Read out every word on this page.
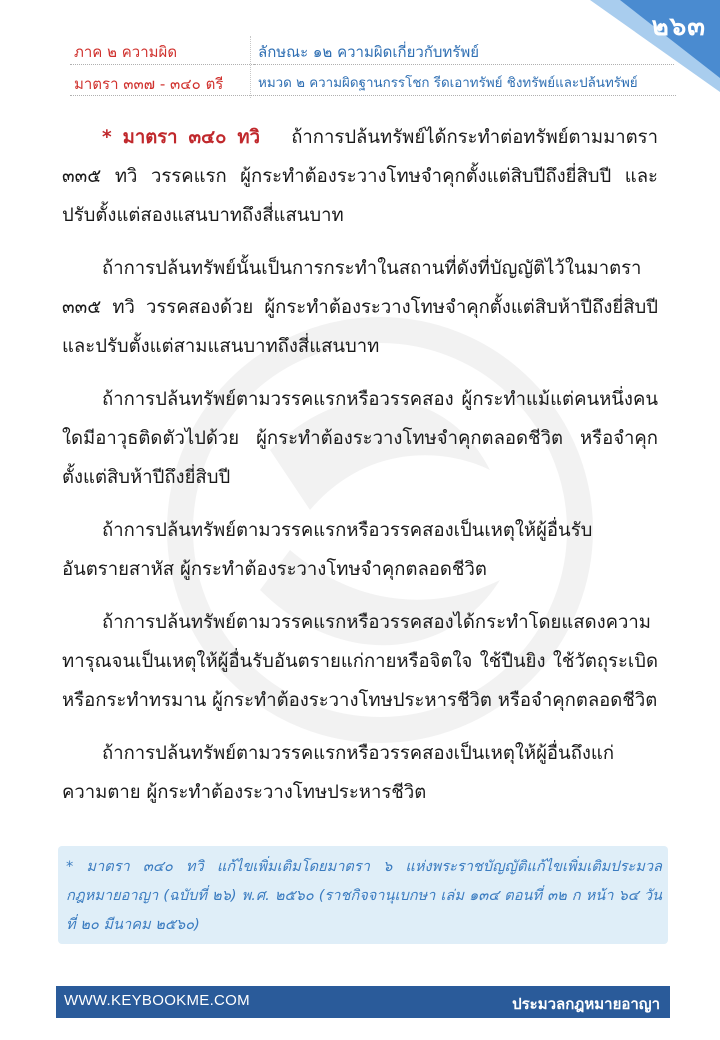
๒๖๓
ภาค ๒ ความผิด	ลักษณะ ๑๒ ความผิดเกี่ยวกับทรัพย์
มาตรา ๓๓๗ - ๓๔๐ ตรี	หมวด ๒ ความผิดฐานกรรโชก รีดเอาทรัพย์ ชิงทรัพย์และปล้นทรัพย์

* มาตรา ๓๔๐ ทวิ ถ้าการปล้นทรัพย์ได้กระทำต่อทรัพย์ตามมาตรา ๓๓๕ ทวิ วรรคแรก ผู้กระทำต้องระวางโทษจำคุกตั้งแต่สิบปีถึงยี่สิบปี และปรับตั้งแต่สองแสนบาทถึงสี่แสนบาท

ถ้าการปล้นทรัพย์นั้นเป็นการกระทำในสถานที่ดังที่บัญญัติไว้ในมาตรา ๓๓๕ ทวิ วรรคสองด้วย ผู้กระทำต้องระวางโทษจำคุกตั้งแต่สิบห้าปีถึงยี่สิบปี และปรับตั้งแต่สามแสนบาทถึงสี่แสนบาท

ถ้าการปล้นทรัพย์ตามวรรคแรกหรือวรรคสอง ผู้กระทำแม้แต่คนหนึ่งคนใดมีอาวุธติดตัวไปด้วย ผู้กระทำต้องระวางโทษจำคุกตลอดชีวิต หรือจำคุกตั้งแต่สิบห้าปีถึงยี่สิบปี

ถ้าการปล้นทรัพย์ตามวรรคแรกหรือวรรคสองเป็นเหตุให้ผู้อื่นรับอันตรายสาหัส ผู้กระทำต้องระวางโทษจำคุกตลอดชีวิต

ถ้าการปล้นทรัพย์ตามวรรคแรกหรือวรรคสองได้กระทำโดยแสดงความทารุณจนเป็นเหตุให้ผู้อื่นรับอันตรายแก่กายหรือจิตใจ ใช้ปืนยิง ใช้วัตถุระเบิดหรือกระทำทรมาน ผู้กระทำต้องระวางโทษประหารชีวิต หรือจำคุกตลอดชีวิต

ถ้าการปล้นทรัพย์ตามวรรคแรกหรือวรรคสองเป็นเหตุให้ผู้อื่นถึงแก่ความตาย ผู้กระทำต้องระวางโทษประหารชีวิต

* มาตรา ๓๔๐ ทวิ แก้ไขเพิ่มเติมโดยมาตรา ๖ แห่งพระราชบัญญัติแก้ไขเพิ่มเติมประมวลกฎหมายอาญา (ฉบับที่ ๒๖) พ.ศ. ๒๕๖๐ (ราชกิจจานุเบกษา เล่ม ๑๓๔ ตอนที่ ๓๒ ก หน้า ๖๔ วันที่ ๒๐ มีนาคม ๒๕๖๐)
WWW.KEYBOOKME.COM	ประมวลกฎหมายอาญา
